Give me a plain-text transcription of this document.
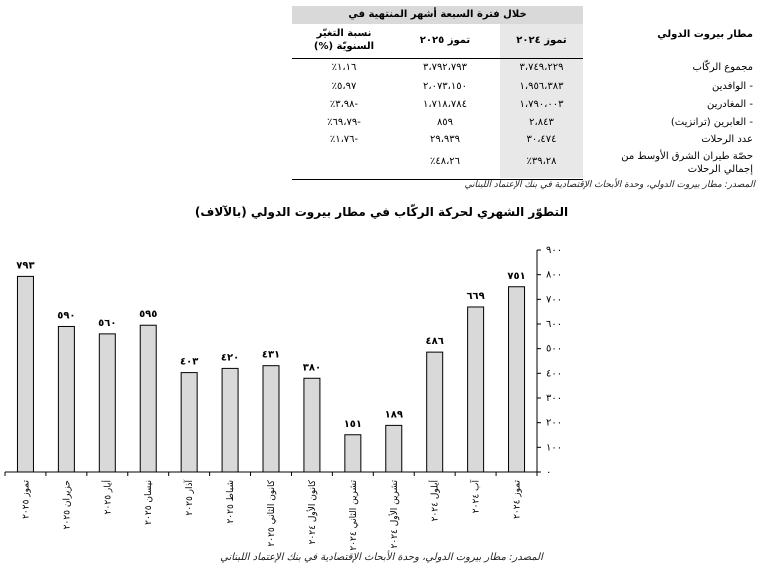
خلال فترة السبعة أشهر المنتهية في
مطار بيروت الدولي
تموز ٢٠٢٤
تموز ٢٠٢٥
نسبة التغيّر السنويّة (%)
مجموع الركّاب
٣،٧٤٩،٢٢٩
٣،٧٩٢،٧٩٣
١،١٦٪
- الوافدين
١،٩٥٦،٣٨٣
٢،٠٧٣،١٥٠
٥،٩٧٪
- المغادرين
١،٧٩٠،٠٠٣
١،٧١٨،٧٨٤
-٣،٩٨٪
- العابرين (ترانزيت)
٢،٨٤٣
٨٥٩
-٦٩،٧٩٪
عدد الرحلات
٣٠،٤٧٤
٢٩،٩٣٩
-١،٧٦٪
حصّة طيران الشرق الأوسط من إجمالي الرحلات
٣٩،٢٨٪
٤٨،٢٦٪
المصدر: مطار بيروت الدولي، وحدة الأبحاث الإقتصادية في بنك الإعتماد اللبناني
التطوّر الشهري لحركة الركّاب في مطار بيروت الدولي (بالآلاف)
٠
١٠٠
٢٠٠
٣٠٠
٤٠٠
٥٠٠
٦٠٠
٧٠٠
٨٠٠
٩٠٠
٧٥١
تموز ٢٠٢٤
٦٦٩
آب ٢٠٢٤
٤٨٦
أيلول ٢٠٢٤
١٨٩
تشرين الأول ٢٠٢٤
١٥١
تشرين الثاني ٢٠٢٤
٣٨٠
كانون الأول ٢٠٢٤
٤٣١
كانون الثاني ٢٠٢٥
٤٢٠
شباط ٢٠٢٥
٤٠٣
آذار ٢٠٢٥
٥٩٥
نيسان ٢٠٢٥
٥٦٠
أيار ٢٠٢٥
٥٩٠
حزيران ٢٠٢٥
٧٩٣
تموز ٢٠٢٥
المصدر: مطار بيروت الدولي، وحدة الأبحاث الإقتصادية في بنك الإعتماد اللبناني
